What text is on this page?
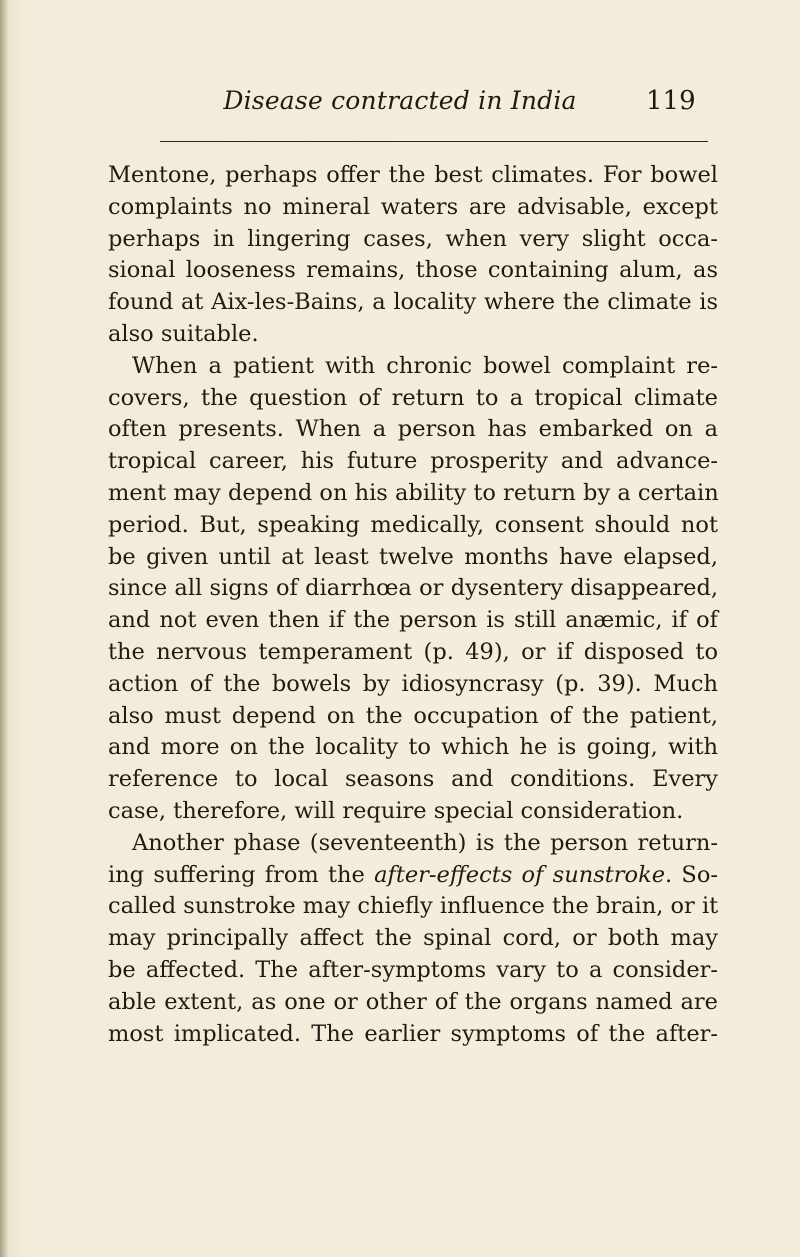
Disease contracted in India	119
Mentone, perhaps offer the best climates. For bowel
complaints no mineral waters are advisable, except
perhaps in lingering cases, when very slight occa-
sional looseness remains, those containing alum, as
found at Aix-les-Bains, a locality where the climate is
also suitable.
When a patient with chronic bowel complaint re-
covers, the question of return to a tropical climate
often presents. When a person has embarked on a
tropical career, his future prosperity and advance-
ment may depend on his ability to return by a certain
period. But, speaking medically, consent should not
be given until at least twelve months have elapsed,
since all signs of diarrhœa or dysentery disappeared,
and not even then if the person is still anæmic, if of
the nervous temperament (p. 49), or if disposed to
action of the bowels by idiosyncrasy (p. 39). Much
also must depend on the occupation of the patient,
and more on the locality to which he is going, with
reference to local seasons and conditions. Every
case, therefore, will require special consideration.
Another phase (seventeenth) is the person return-
ing suffering from the after-effects of sunstroke. So-
called sunstroke may chiefly influence the brain, or it
may principally affect the spinal cord, or both may
be affected. The after-symptoms vary to a consider-
able extent, as one or other of the organs named are
most implicated. The earlier symptoms of the after-
